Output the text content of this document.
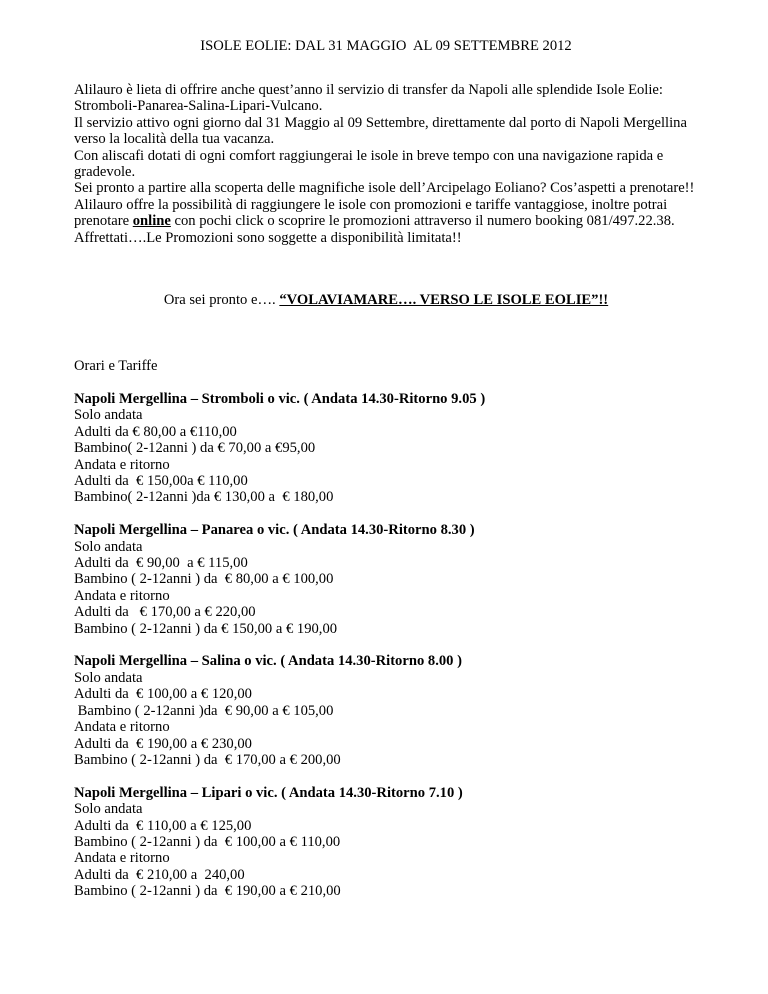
ISOLE EOLIE: DAL 31 MAGGIO  AL 09 SETTEMBRE 2012

Alilauro è lieta di offrire anche quest’anno il servizio di transfer da Napoli alle splendide Isole Eolie: Stromboli-Panarea-Salina-Lipari-Vulcano.

Il servizio attivo ogni giorno dal 31 Maggio al 09 Settembre, direttamente dal porto di Napoli Mergellina verso la località della tua vacanza.

Con aliscafi dotati di ogni comfort raggiungerai le isole in breve tempo con una navigazione rapida e gradevole.

Sei pronto a partire alla scoperta delle magnifiche isole dell’Arcipelago Eoliano? Cos’aspetti a prenotare!!

Alilauro offre la possibilità di raggiungere le isole con promozioni e tariffe vantaggiose, inoltre potrai prenotare online con pochi click o scoprire le promozioni attraverso il numero booking 081/497.22.38.

Affrettati….Le Promozioni sono soggette a disponibilità limitata!!

Ora sei pronto e…. “VOLAVIAMARE…. VERSO LE ISOLE EOLIE”!!
Orari e Tariffe
Napoli Mergellina – Stromboli o vic. ( Andata 14.30-Ritorno 9.05 )
Solo andata
Adulti da € 80,00 a €110,00
Bambino( 2-12anni ) da € 70,00 a €95,00
Andata e ritorno
Adulti da  € 150,00a € 110,00
Bambino( 2-12anni )da € 130,00 a  € 180,00
Napoli Mergellina – Panarea o vic. ( Andata 14.30-Ritorno 8.30 )
Solo andata
Adulti da  € 90,00  a € 115,00
Bambino ( 2-12anni ) da  € 80,00 a € 100,00
Andata e ritorno
Adulti da   € 170,00 a € 220,00
Bambino ( 2-12anni ) da € 150,00 a € 190,00
Napoli Mergellina – Salina o vic. ( Andata 14.30-Ritorno 8.00 )
Solo andata
Adulti da  € 100,00 a € 120,00
Bambino ( 2-12anni )da  € 90,00 a € 105,00
Andata e ritorno
Adulti da  € 190,00 a € 230,00
Bambino ( 2-12anni ) da  € 170,00 a € 200,00
Napoli Mergellina – Lipari o vic. ( Andata 14.30-Ritorno 7.10 )
Solo andata
Adulti da  € 110,00 a € 125,00
Bambino ( 2-12anni ) da  € 100,00 a € 110,00
Andata e ritorno
Adulti da  € 210,00 a  240,00
Bambino ( 2-12anni ) da  € 190,00 a € 210,00
